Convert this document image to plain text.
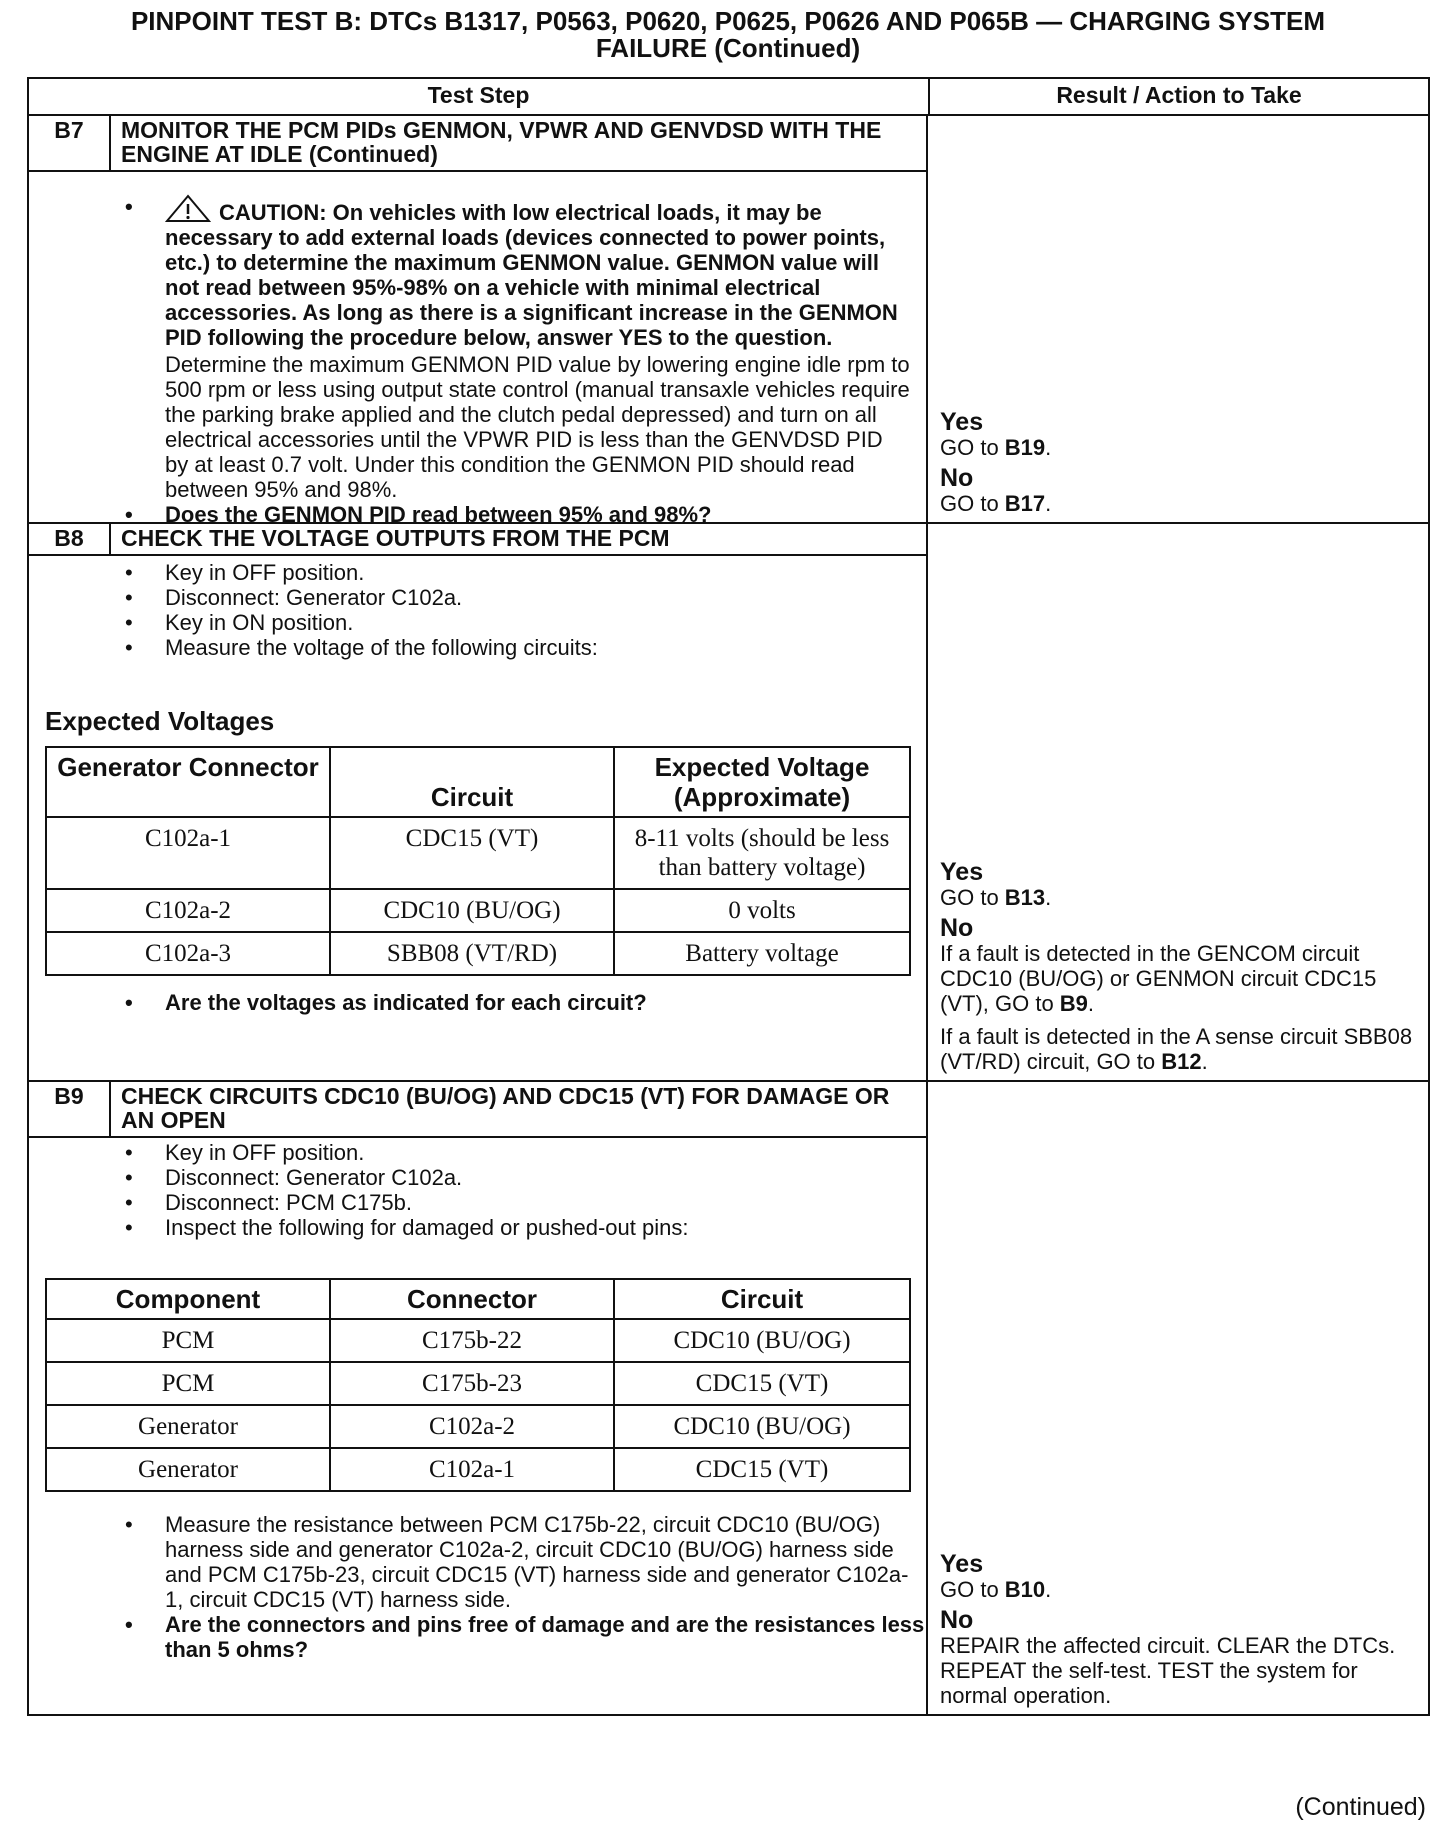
PINPOINT TEST B: DTCs B1317, P0563, P0620, P0625, P0626 AND P065B — CHARGING SYSTEM
FAILURE (Continued)
Test Step	Result / Action to Take
B7	MONITOR THE PCM PIDs GENMON, VPWR AND GENVDSD WITH THE ENGINE AT IDLE (Continued)
• CAUTION: On vehicles with low electrical loads, it may be necessary to add external loads (devices connected to power points, etc.) to determine the maximum GENMON value. GENMON value will not read between 95%-98% on a vehicle with minimal electrical accessories. As long as there is a significant increase in the GENMON PID following the procedure below, answer YES to the question.
Determine the maximum GENMON PID value by lowering engine idle rpm to 500 rpm or less using output state control (manual transaxle vehicles require the parking brake applied and the clutch pedal depressed) and turn on all electrical accessories until the VPWR PID is less than the GENVDSD PID by at least 0.7 volt. Under this condition the GENMON PID should read between 95% and 98%.
• Does the GENMON PID read between 95% and 98%?
Yes
GO to B19.
No
GO to B17.
B8	CHECK THE VOLTAGE OUTPUTS FROM THE PCM
• Key in OFF position.
• Disconnect: Generator C102a.
• Key in ON position.
• Measure the voltage of the following circuits:
Expected Voltages
Generator Connector	Circuit	Expected Voltage (Approximate)
C102a-1	CDC15 (VT)	8-11 volts (should be less than battery voltage)
C102a-2	CDC10 (BU/OG)	0 volts
C102a-3	SBB08 (VT/RD)	Battery voltage
• Are the voltages as indicated for each circuit?
Yes
GO to B13.
No
If a fault is detected in the GENCOM circuit CDC10 (BU/OG) or GENMON circuit CDC15 (VT), GO to B9.
If a fault is detected in the A sense circuit SBB08 (VT/RD) circuit, GO to B12.
B9	CHECK CIRCUITS CDC10 (BU/OG) AND CDC15 (VT) FOR DAMAGE OR AN OPEN
• Key in OFF position.
• Disconnect: Generator C102a.
• Disconnect: PCM C175b.
• Inspect the following for damaged or pushed-out pins:
Component	Connector	Circuit
PCM	C175b-22	CDC10 (BU/OG)
PCM	C175b-23	CDC15 (VT)
Generator	C102a-2	CDC10 (BU/OG)
Generator	C102a-1	CDC15 (VT)
• Measure the resistance between PCM C175b-22, circuit CDC10 (BU/OG) harness side and generator C102a-2, circuit CDC10 (BU/OG) harness side and PCM C175b-23, circuit CDC15 (VT) harness side and generator C102a-1, circuit CDC15 (VT) harness side.
• Are the connectors and pins free of damage and are the resistances less than 5 ohms?
Yes
GO to B10.
No
REPAIR the affected circuit. CLEAR the DTCs. REPEAT the self-test. TEST the system for normal operation.
(Continued)
